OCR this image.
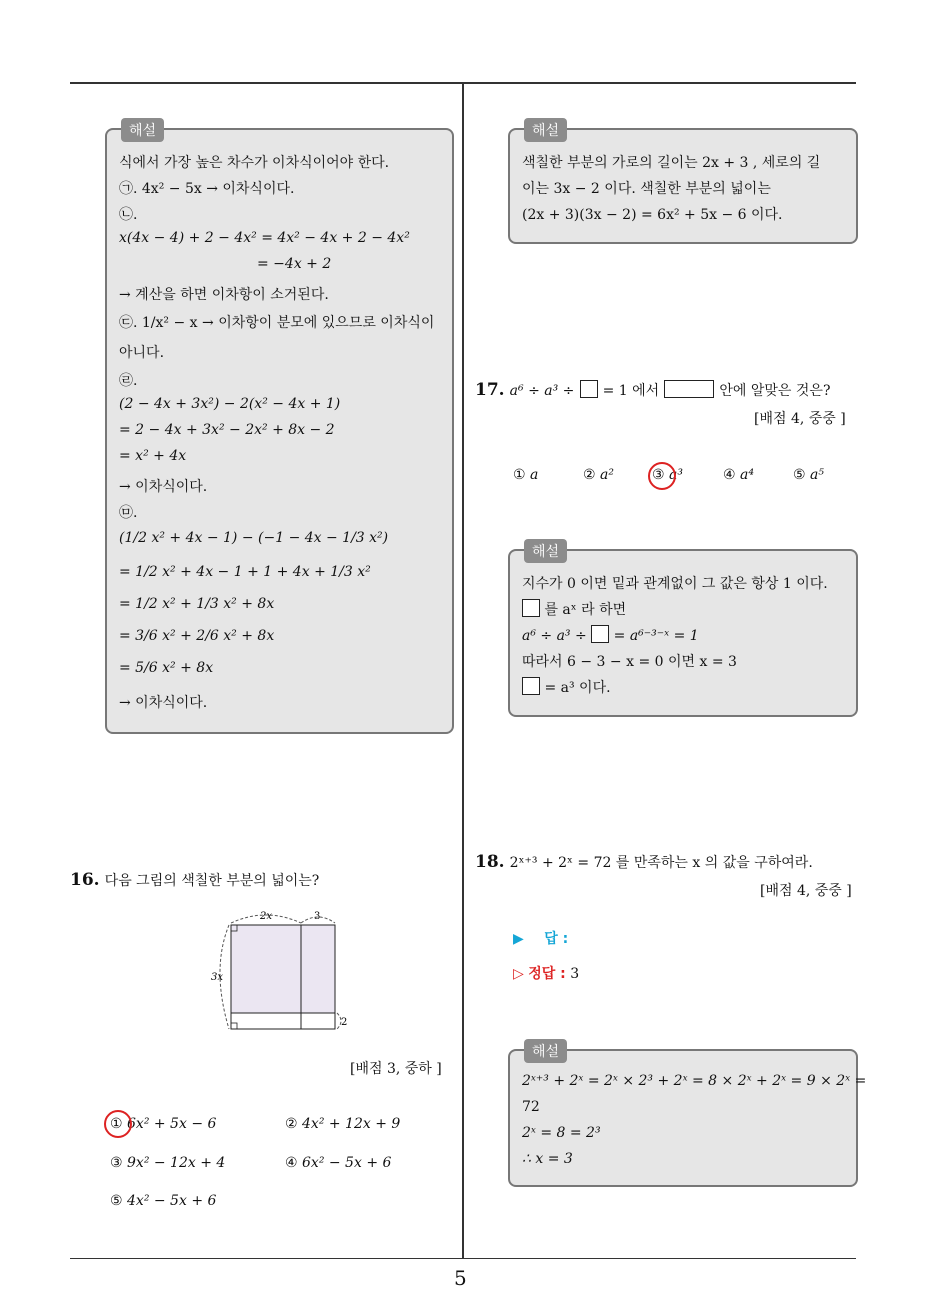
5
해설
식에서 가장 높은 차수가 이차식이어야 한다.
㉠. 4x² − 5x → 이차식이다.
㉡.
x(4x − 4) + 2 − 4x² = 4x² − 4x + 2 − 4x²
= −4x + 2
→ 계산을 하면 이차항이 소거된다.
㉢. 1/x² − x → 이차항이 분모에 있으므로 이차식이
아니다.
㉣.
(2 − 4x + 3x²) − 2(x² − 4x + 1)
= 2 − 4x + 3x² − 2x² + 8x − 2
= x² + 4x
→ 이차식이다.
㉤.
(1/2 x² + 4x − 1) − (−1 − 4x − 1/3 x²)
= 1/2 x² + 4x − 1 + 1 + 4x + 1/3 x²
= 1/2 x² + 1/3 x² + 8x
= 3/6 x² + 2/6 x² + 8x
= 5/6 x² + 8x
→ 이차식이다.
16. 다음 그림의 색칠한 부분의 넓이는?
2x	3
3x
2
[배점 3, 중하 ]
① 6x² + 5x − 6	② 4x² + 12x + 9
③ 9x² − 12x + 4	④ 6x² − 5x + 6
⑤ 4x² − 5x + 6
해설
색칠한 부분의 가로의 길이는 2x + 3 , 세로의 길
이는 3x − 2 이다. 색칠한 부분의 넓이는
(2x + 3)(3x − 2) = 6x² + 5x − 6 이다.
17. a⁶ ÷ a³ ÷ = 1 에서	안에 알맞은 것은?
[배점 4, 중중 ]
① a	② a²	③ a³	④ a⁴	⑤ a⁵
해설
지수가 0 이면 밑과 관계없이 그 값은 항상 1 이다.
를 aˣ 라 하면
a⁶ ÷ a³ ÷ = a⁶⁻³⁻ˣ = 1
따라서 6 − 3 − x = 0 이면 x = 3
= a³ 이다.
18. 2ˣ⁺³ + 2ˣ = 72 를 만족하는 x 의 값을 구하여라.
[배점 4, 중중 ]
▶ 답 :
▷ 정답 : 3
해설
2ˣ⁺³ + 2ˣ = 2ˣ × 2³ + 2ˣ = 8 × 2ˣ + 2ˣ = 9 × 2ˣ =
72
2ˣ = 8 = 2³
∴ x = 3
